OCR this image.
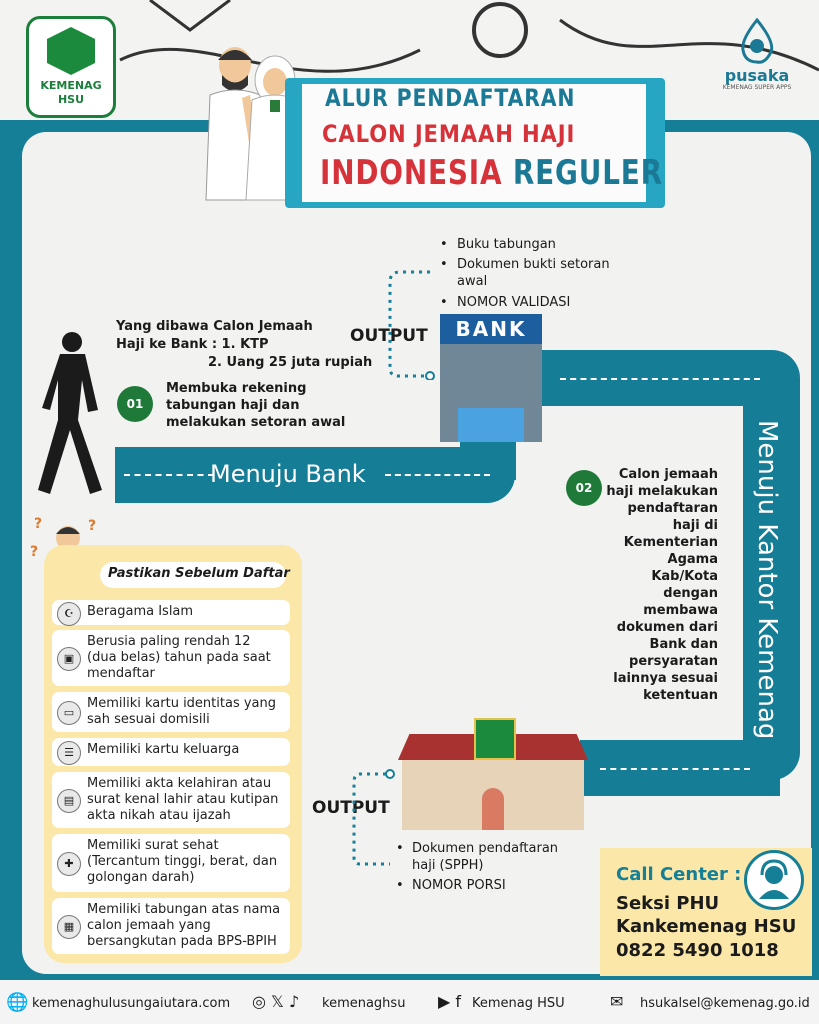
KEMENAG
HSU	ALUR PENDAFTARAN
CALON JEMAAH HAJI
INDONESIA REGULER
pusaka
KEMENAG SUPER APPS
Menuju Bank	Menuju Kantor Kemenag
Yang dibawa Calon Jemaah
Haji ke Bank : 1. KTP
2. Uang 25 juta rupiah
01
Membuka rekening tabungan haji dan melakukan setoran awal
OUTPUT	BANK
• Buku tabungan
• Dokumen bukti setoran awal
• NOMOR VALIDASI
02
Calon jemaah haji melakukan pendaftaran haji di Kementerian Agama Kab/Kota dengan membawa dokumen dari Bank dan persyaratan lainnya sesuai ketentuan
OUTPUT
• Dokumen pendaftaran haji (SPPH)
• NOMOR PORSI
?	?
?
Pastikan Sebelum Daftar
☪	Beragama Islam
▣
Berusia paling rendah 12 (dua belas) tahun pada saat mendaftar
▭
Memiliki kartu identitas yang sah sesuai domisili
☰	Memiliki kartu keluarga
▤
Memiliki akta kelahiran atau surat kenal lahir atau kutipan akta nikah atau ijazah
✚
Memiliki surat sehat (Tercantum tinggi, berat, dan golongan darah)
▦
Memiliki tabungan atas nama calon jemaah yang bersangkutan pada BPS-BPIH
Call Center :
Seksi PHU
Kankemenag HSU
0822 5490 1018
🌐 kemenaghulusungaiutara.com ◎ 𝕏 ♪ kemenaghsu ▶ f Kemenag HSU	✉ hsukalsel@kemenag.go.id
